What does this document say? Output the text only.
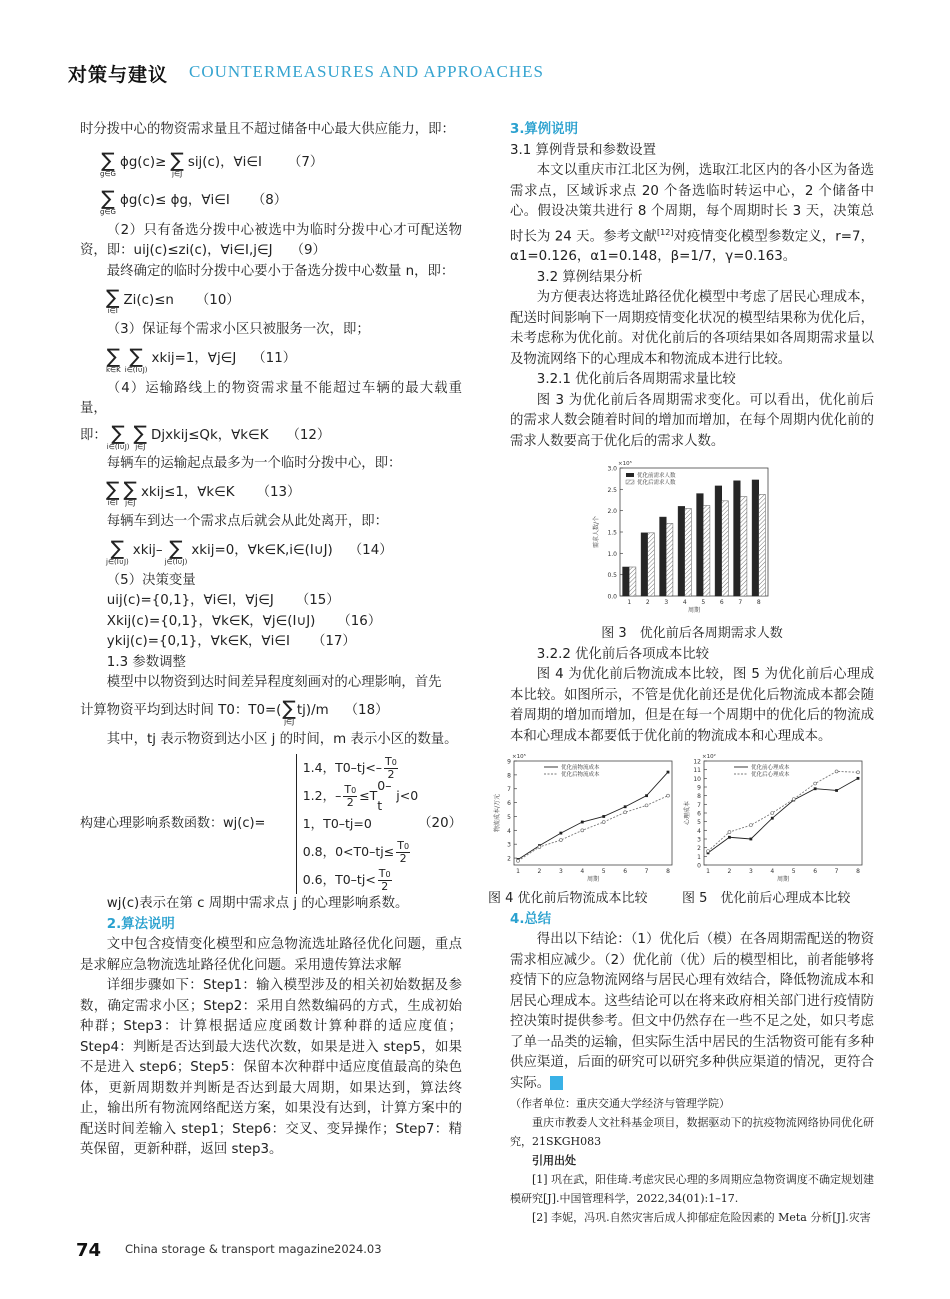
对策与建议 COUNTERMEASURES AND APPROACHES
时分拨中心的物资需求量且不超过储备中心最大供应能力，即：
∑
g∈G
ϕ g(c)≥ ∑
j∈J
s ij(c)，∀i∈I （7）
∑
g∈G
ϕ g(c)≤ ϕ g，∀i∈I （8）
（2）只有备选分拨中心被选中为临时分拨中心才可配送物资，即：uij(c)≤zi(c)，∀i∈I,j∈J （9）
最终确定的临时分拨中心要小于备选分拨中心数量 n，即：
∑
i∈I
Z i(c)≤n （10）
（3）保证每个需求小区只被服务一次，即；
∑
k∈K
∑
i∈(I∪J)
x kij=1，∀j∈J （11）
（4）运输路线上的物资需求量不能超过车辆的最大载重量，
即： ∑
i∈(I∪J)
∑
j∈J
D jx kij≤Q k，∀k∈K （12）
每辆车的运输起点最多为一个临时分拨中心，即：
∑
i∈I
∑
j∈J
x kij≤1，∀k∈K （13）
每辆车到达一个需求点后就会从此处离开，即：
∑
j∈(I∪J)
x kij– ∑
j∈(I∪J)
x kij=0，∀k∈K,i∈(I∪J) （14）
（5）决策变量
uij(c)={0,1}，∀i∈I，∀j∈J （15）
Xkij(c)={0,1}，∀k∈K，∀j∈(I∪J) （16）
ykij(c)={0,1}，∀k∈K，∀i∈I （17）
1.3 参数调整
模型中以物资到达时间差异程度刻画对的心理影响，首先
计算物资平均到达时间 T 0：T 0=( ∑
j∈J
t j)/m （18）
其中，tj 表示物资到达小区 j 的时间，m 表示小区的数量。
构建心理影响系数函数：wj(c)=
1.4，T 0–t j<– T0
2
1.2，– $\frac{T0}{2} \le T$
0–t
j<0
1，T 0–t j=0
0.8，0<T 0–t $j\le \frac{T0}{2}$
0.6，T 0–t j< T0
2
（20）
wj(c)表示在第 c 周期中需求点 j 的心理影响系数。
2.算法说明
文中包含疫情变化模型和应急物流选址路径优化问题，重点是求解应急物流选址路径优化问题。采用遗传算法求解
详细步骤如下：Step1：输入模型涉及的相关初始数据及参数，确定需求小区；Step2：采用自然数编码的方式，生成初始种群；Step3：计算根据适应度函数计算种群的适应度值；Step4：判断是否达到最大迭代次数，如果是进入 step5，如果不是进入 step6；Step5：保留本次种群中适应度值最高的染色体，更新周期数并判断是否达到最大周期，如果达到，算法终止，输出所有物流网络配送方案，如果没有达到，计算方案中的配送时间差输入 step1；Step6：交叉、变异操作；Step7：精英保留，更新种群，返回 step3。
3.算例说明
3.1 算例背景和参数设置
本文以重庆市江北区为例，选取江北区内的各小区为备选需求点，区域诉求点 20 个备选临时转运中心，2 个储备中心。假设决策共进行 8 个周期，每个周期时长 3 天，决策总时长为 24 天。参考文献[12]对疫情变化模型参数定义，r=7，α1=0.126，α1=0.148，β=1/7，γ=0.163。
3.2 算例结果分析
为方便表达将选址路径优化模型中考虑了居民心理成本，配送时间影响下一周期疫情变化状况的模型结果称为优化后，未考虑称为优化前。对优化前后的各项结果如各周期需求量以及物流网络下的心理成本和物流成本进行比较。
3.2.1 优化前后各周期需求量比较
图 3 为优化前后各周期需求变化。可以看出，优化前后的需求人数会随着时间的增加而增加，在每个周期内优化前的需求人数要高于优化后的需求人数。
0.0
0.5
1.0
1.5
2.0
2.5
3.0
×10⁵
需求人数/个
1 2 3 4 5 6 7 8
周期
优化前需求人数
优化后需求人数
图 3　优化前后各周期需求人数
3.2.2 优化前后各项成本比较
图 4 为优化前后物流成本比较，图 5 为优化前后心理成本比较。如图所示，不管是优化前还是优化后物流成本都会随着周期的增加而增加，但是在每一个周期中的优化后的物流成本和心理成本都要低于优化前的物流成本和心理成本。
2
3
4
5
6
7
8
9
×10⁵
物流成本/万元
1	2	3	4	5	6	7	8
周期
优化前物流成本
优化后物流成本
0
1
2
3
4
5
6
7
8
9
10
11
12
×10²
心理成本
1	2	3	4	5	6	7	8
周期
优化前心理成本
优化后心理成本
图 4 优化前后物流成本比较	图 5　优化前后心理成本比较
4.总结
得出以下结论：（1）优化后（模）在各周期需配送的物资需求相应减少。（2）优化前（优）后的模型相比，前者能够将疫情下的应急物流网络与居民心理有效结合，降低物流成本和居民心理成本。这些结论可以在将来政府相关部门进行疫情防控决策时提供参考。但文中仍然存在一些不足之处，如只考虑了单一品类的运输，但实际生活中居民的生活物资可能有多种供应渠道，后面的研究可以研究多种供应渠道的情况，更符合实际。	C
（作者单位：重庆交通大学经济与管理学院）
重庆市教委人文社科基金项目，数据驱动下的抗疫物流网络协同优化研究，21SKGH083
引用出处
[1] 巩在武，阳佳琦.考虑灾民心理的多周期应急物资调度不确定规划建模研究[J].中国管理科学，2022,34(01):1–17.
[2] 李妮，冯巩.自然灾害后成人抑郁症危险因素的 Meta 分析[J].灾害
74 China storage & transport magazine 2024.03
